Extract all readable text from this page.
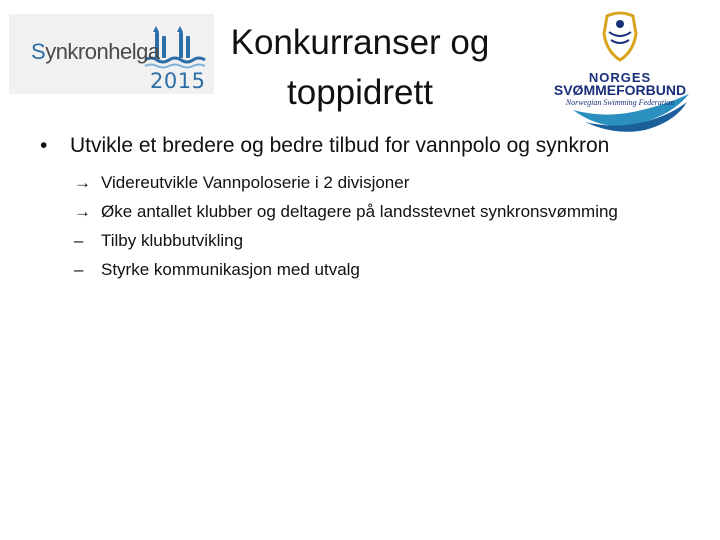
Synkronhelga
2015
Konkurranser og
toppidrett	NORGES
SVØMMEFORBUND
Norwegian Swimming Federation
• Utvikle et bredere og bedre tilbud for vannpolo og synkron
→ Videreutvikle Vannpoloserie i 2 divisjoner
→ Øke antallet klubber og deltagere på landsstevnet synkronsvømming
– Tilby klubbutvikling
– Styrke kommunikasjon med utvalg
